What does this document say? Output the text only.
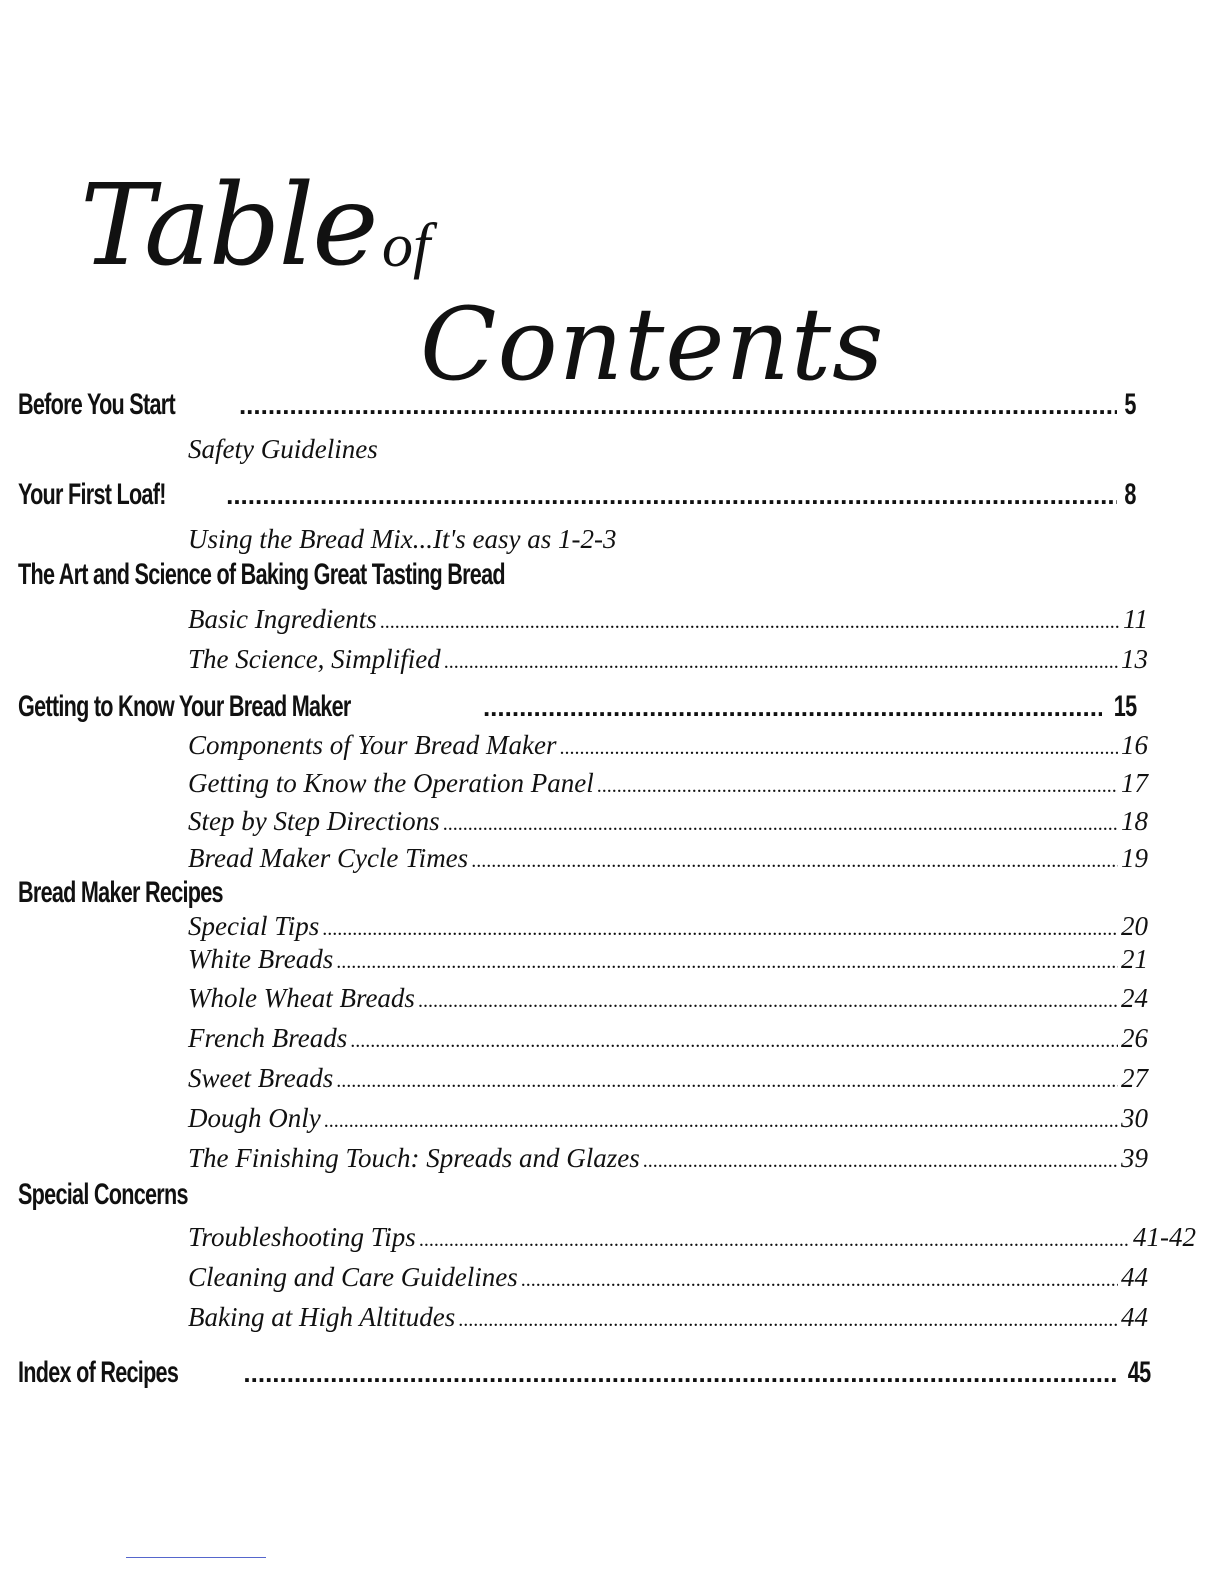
Table of
Contents
Before You Start .....	5
Safety Guidelines
Your First Loaf! .....	8
Using the Bread Mix...It's easy as 1-2-3
The Art and Science of Baking Great Tasting Bread
Basic Ingredients .....	11
The Science, Simplified .....	13
Getting to Know Your Bread Maker .....	15
Components of Your Bread Maker .....	16
Getting to Know the Operation Panel .....	17
Step by Step Directions .....	18
Bread Maker Cycle Times .....	19
Bread Maker Recipes
Special Tips .....	20
White Breads .....	21
Whole Wheat Breads .....	24
French Breads .....	26
Sweet Breads .....	27
Dough Only .....	30
The Finishing Touch: Spreads and Glazes .....	39
Special Concerns
Troubleshooting Tips .....	41-42
Cleaning and Care Guidelines .....	44
Baking at High Altitudes .....	44
Index of Recipes .....	45
